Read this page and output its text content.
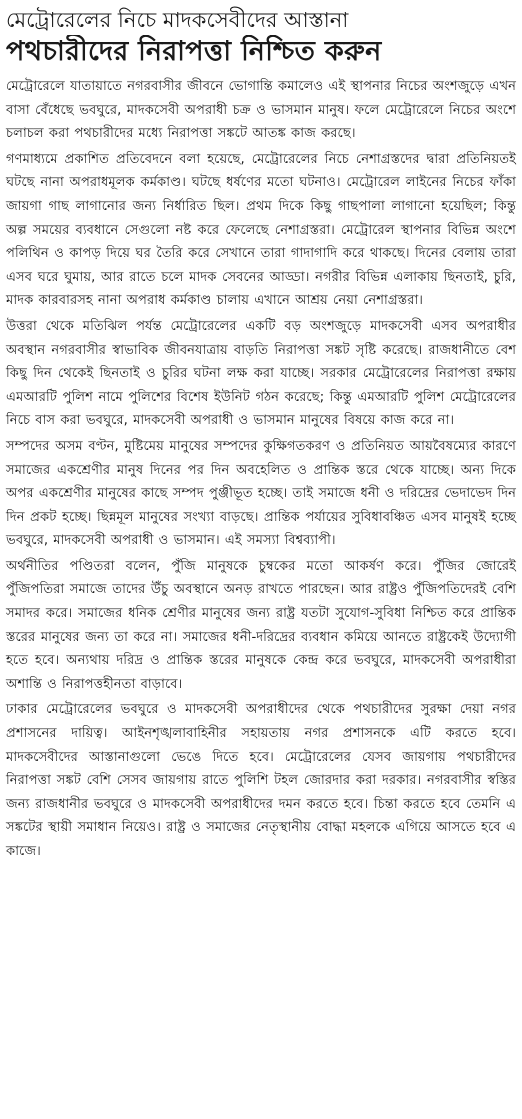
মেট্রোরেলের নিচে মাদকসেবীদের আস্তানা
পথচারীদের নিরাপত্তা নিশ্চিত করুন

মেট্রোরেলে যাতায়াতে নগরবাসীর জীবনে ভোগান্তি কমালেও এই স্থাপনার নিচের অংশজুড়ে এখন বাসা বেঁধেছে ভবঘুরে, মাদকসেবী অপরাধী চক্র ও ভাসমান মানুষ। ফলে মেট্রোরেলে নিচের অংশে চলাচল করা পথচারীদের মধ্যে নিরাপত্তা সঙ্কটে আতঙ্ক কাজ করছে।

গণমাধ্যমে প্রকাশিত প্রতিবেদনে বলা হয়েছে, মেট্রোরেলের নিচে নেশাগ্রস্তদের দ্বারা প্রতিনিয়তই ঘটছে নানা অপরাধমূলক কর্মকাণ্ড। ঘটছে ধর্ষণের মতো ঘটনাও। মেট্রোরেল লাইনের নিচের ফাঁকা জায়গা গাছ লাগানোর জন্য নির্ধারিত ছিল। প্রথম দিকে কিছু গাছপালা লাগানো হয়েছিল; কিন্তু অল্প সময়ের ব্যবধানে সেগুলো নষ্ট করে ফেলেছে নেশাগ্রস্তরা। মেট্রোরেল স্থাপনার বিভিন্ন অংশে পলিথিন ও কাপড় দিয়ে ঘর তৈরি করে সেখানে তারা গাদাগাদি করে থাকছে। দিনের বেলায় তারা এসব ঘরে ঘুমায়, আর রাতে চলে মাদক সেবনের আড্ডা। নগরীর বিভিন্ন এলাকায় ছিনতাই, চুরি, মাদক কারবারসহ নানা অপরাধ কর্মকাণ্ড চালায় এখানে আশ্রয় নেয়া নেশাগ্রস্তরা।

উত্তরা থেকে মতিঝিল পর্যন্ত মেট্রোরেলের একটি বড় অংশজুড়ে মাদকসেবী এসব অপরাধীর অবস্থান নগরবাসীর স্বাভাবিক জীবনযাত্রায় বাড়তি নিরাপত্তা সঙ্কট সৃষ্টি করেছে। রাজধানীতে বেশ কিছু দিন থেকেই ছিনতাই ও চুরির ঘটনা লক্ষ করা যাচ্ছে। সরকার মেট্রোরেলের নিরাপত্তা রক্ষায় এমআরটি পুলিশ নামে পুলিশের বিশেষ ইউনিট গঠন করেছে; কিন্তু এমআরটি পুলিশ মেট্রোরেলের নিচে বাস করা ভবঘুরে, মাদকসেবী অপরাধী ও ভাসমান মানুষের বিষয়ে কাজ করে না।

সম্পদের অসম বণ্টন, মুষ্টিমেয় মানুষের সম্পদের কুক্ষিগতকরণ ও প্রতিনিয়ত আয়বৈষম্যের কারণে সমাজের একশ্রেণীর মানুষ দিনের পর দিন অবহেলিত ও প্রান্তিক স্তরে থেকে যাচ্ছে। অন্য দিকে অপর একশ্রেণীর মানুষের কাছে সম্পদ পুঞ্জীভূত হচ্ছে। তাই সমাজে ধনী ও দরিদ্রের ভেদাভেদ দিন দিন প্রকট হচ্ছে। ছিন্নমূল মানুষের সংখ্যা বাড়ছে। প্রান্তিক পর্যায়ের সুবিধাবঞ্চিত এসব মানুষই হচ্ছে ভবঘুরে, মাদকসেবী অপরাধী ও ভাসমান। এই সমস্যা বিশ্বব্যাপী।

অর্থনীতির পণ্ডিতরা বলেন, পুঁজি মানুষকে চুম্বকের মতো আকর্ষণ করে। পুঁজির জোরেই পুঁজিপতিরা সমাজে তাদের উঁচু অবস্থানে অনড় রাখতে পারছেন। আর রাষ্ট্রও পুঁজিপতিদেরই বেশি সমাদর করে। সমাজের ধনিক শ্রেণীর মানুষের জন্য রাষ্ট্র যতটা সুযোগ-সুবিধা নিশ্চিত করে প্রান্তিক স্তরের মানুষের জন্য তা করে না। সমাজের ধনী-দরিদ্রের ব্যবধান কমিয়ে আনতে রাষ্ট্রকেই উদ্যোগী হতে হবে। অন্যথায় দরিদ্র ও প্রান্তিক স্তরের মানুষকে কেন্দ্র করে ভবঘুরে, মাদকসেবী অপরাধীরা অশান্তি ও নিরাপত্তহীনতা বাড়াবে।

ঢাকার মেট্রোরেলের ভবঘুরে ও মাদকসেবী অপরাধীদের থেকে পথচারীদের সুরক্ষা দেয়া নগর প্রশাসনের দায়িত্ব। আইনশৃঙ্খলাবাহিনীর সহায়তায় নগর প্রশাসনকে এটি করতে হবে। মাদকসেবীদের আস্তানাগুলো ভেঙে দিতে হবে। মেট্রোরেলের যেসব জায়গায় পথচারীদের নিরাপত্তা সঙ্কট বেশি সেসব জায়গায় রাতে পুলিশি টহল জোরদার করা দরকার। নগরবাসীর স্বস্তির জন্য রাজধানীর ভবঘুরে ও মাদকসেবী অপরাধীদের দমন করতে হবে। চিন্তা করতে হবে তেমনি এ সঙ্কটের স্থায়ী সমাধান নিয়েও। রাষ্ট্র ও সমাজের নেতৃস্থানীয় বোদ্ধা মহলকে এগিয়ে আসতে হবে এ কাজে।
